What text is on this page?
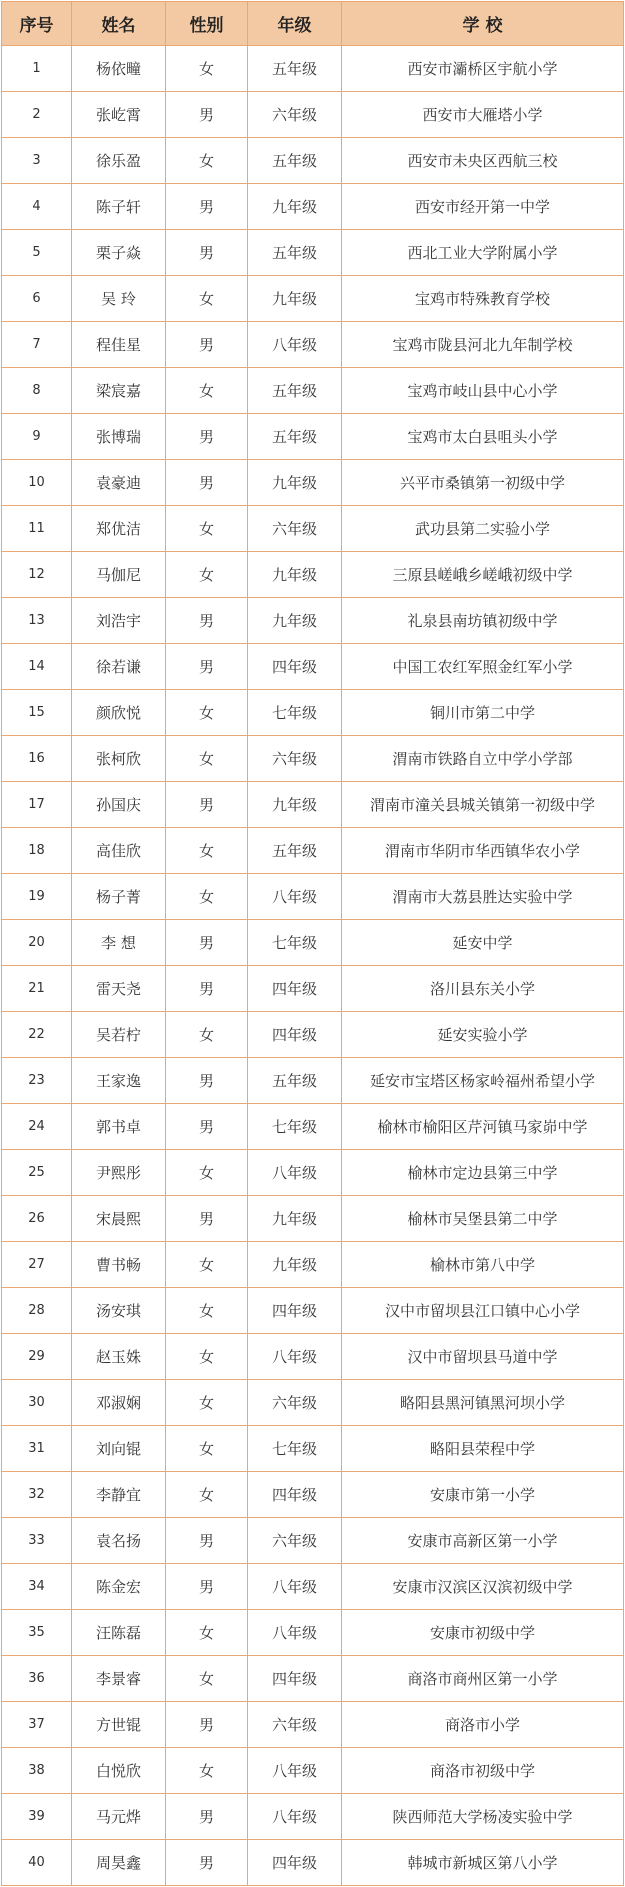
序号	姓名	性别	年级	学 校
1	杨依疃	女	五年级	西安市灞桥区宇航小学
2	张屹霄	男	六年级	西安市大雁塔小学
3	徐乐盈	女	五年级	西安市未央区西航三校
4	陈子轩	男	九年级	西安市经开第一中学
5	栗子焱	男	五年级	西北工业大学附属小学
6	吴 玲	女	九年级	宝鸡市特殊教育学校
7	程佳星	男	八年级	宝鸡市陇县河北九年制学校
8	梁宸嘉	女	五年级	宝鸡市岐山县中心小学
9	张博瑞	男	五年级	宝鸡市太白县咀头小学
10	袁豪迪	男	九年级	兴平市桑镇第一初级中学
11	郑优洁	女	六年级	武功县第二实验小学
12	马伽尼	女	九年级	三原县嵯峨乡嵯峨初级中学
13	刘浩宇	男	九年级	礼泉县南坊镇初级中学
14	徐若谦	男	四年级	中国工农红军照金红军小学
15	颜欣悦	女	七年级	铜川市第二中学
16	张柯欣	女	六年级	渭南市铁路自立中学小学部
17	孙国庆	男	九年级	渭南市潼关县城关镇第一初级中学
18	高佳欣	女	五年级	渭南市华阴市华西镇华农小学
19	杨子菁	女	八年级	渭南市大荔县胜达实验中学
20	李 想	男	七年级	延安中学
21	雷天尧	男	四年级	洛川县东关小学
22	吴若柠	女	四年级	延安实验小学
23	王家逸	男	五年级	延安市宝塔区杨家岭福州希望小学
24	郭书卓	男	七年级	榆林市榆阳区芹河镇马家峁中学
25	尹熙彤	女	八年级	榆林市定边县第三中学
26	宋晨熙	男	九年级	榆林市吴堡县第二中学
27	曹书畅	女	九年级	榆林市第八中学
28	汤安琪	女	四年级	汉中市留坝县江口镇中心小学
29	赵玉姝	女	八年级	汉中市留坝县马道中学
30	邓淑娴	女	六年级	略阳县黑河镇黑河坝小学
31	刘向锟	女	七年级	略阳县荣程中学
32	李静宜	女	四年级	安康市第一小学
33	袁名扬	男	六年级	安康市高新区第一小学
34	陈金宏	男	八年级	安康市汉滨区汉滨初级中学
35	汪陈磊	女	八年级	安康市初级中学
36	李景睿	女	四年级	商洛市商州区第一小学
37	方世锟	男	六年级	商洛市小学
38	白悦欣	女	八年级	商洛市初级中学
39	马元烨	男	八年级	陕西师范大学杨凌实验中学
40	周昊鑫	男	四年级	韩城市新城区第八小学
